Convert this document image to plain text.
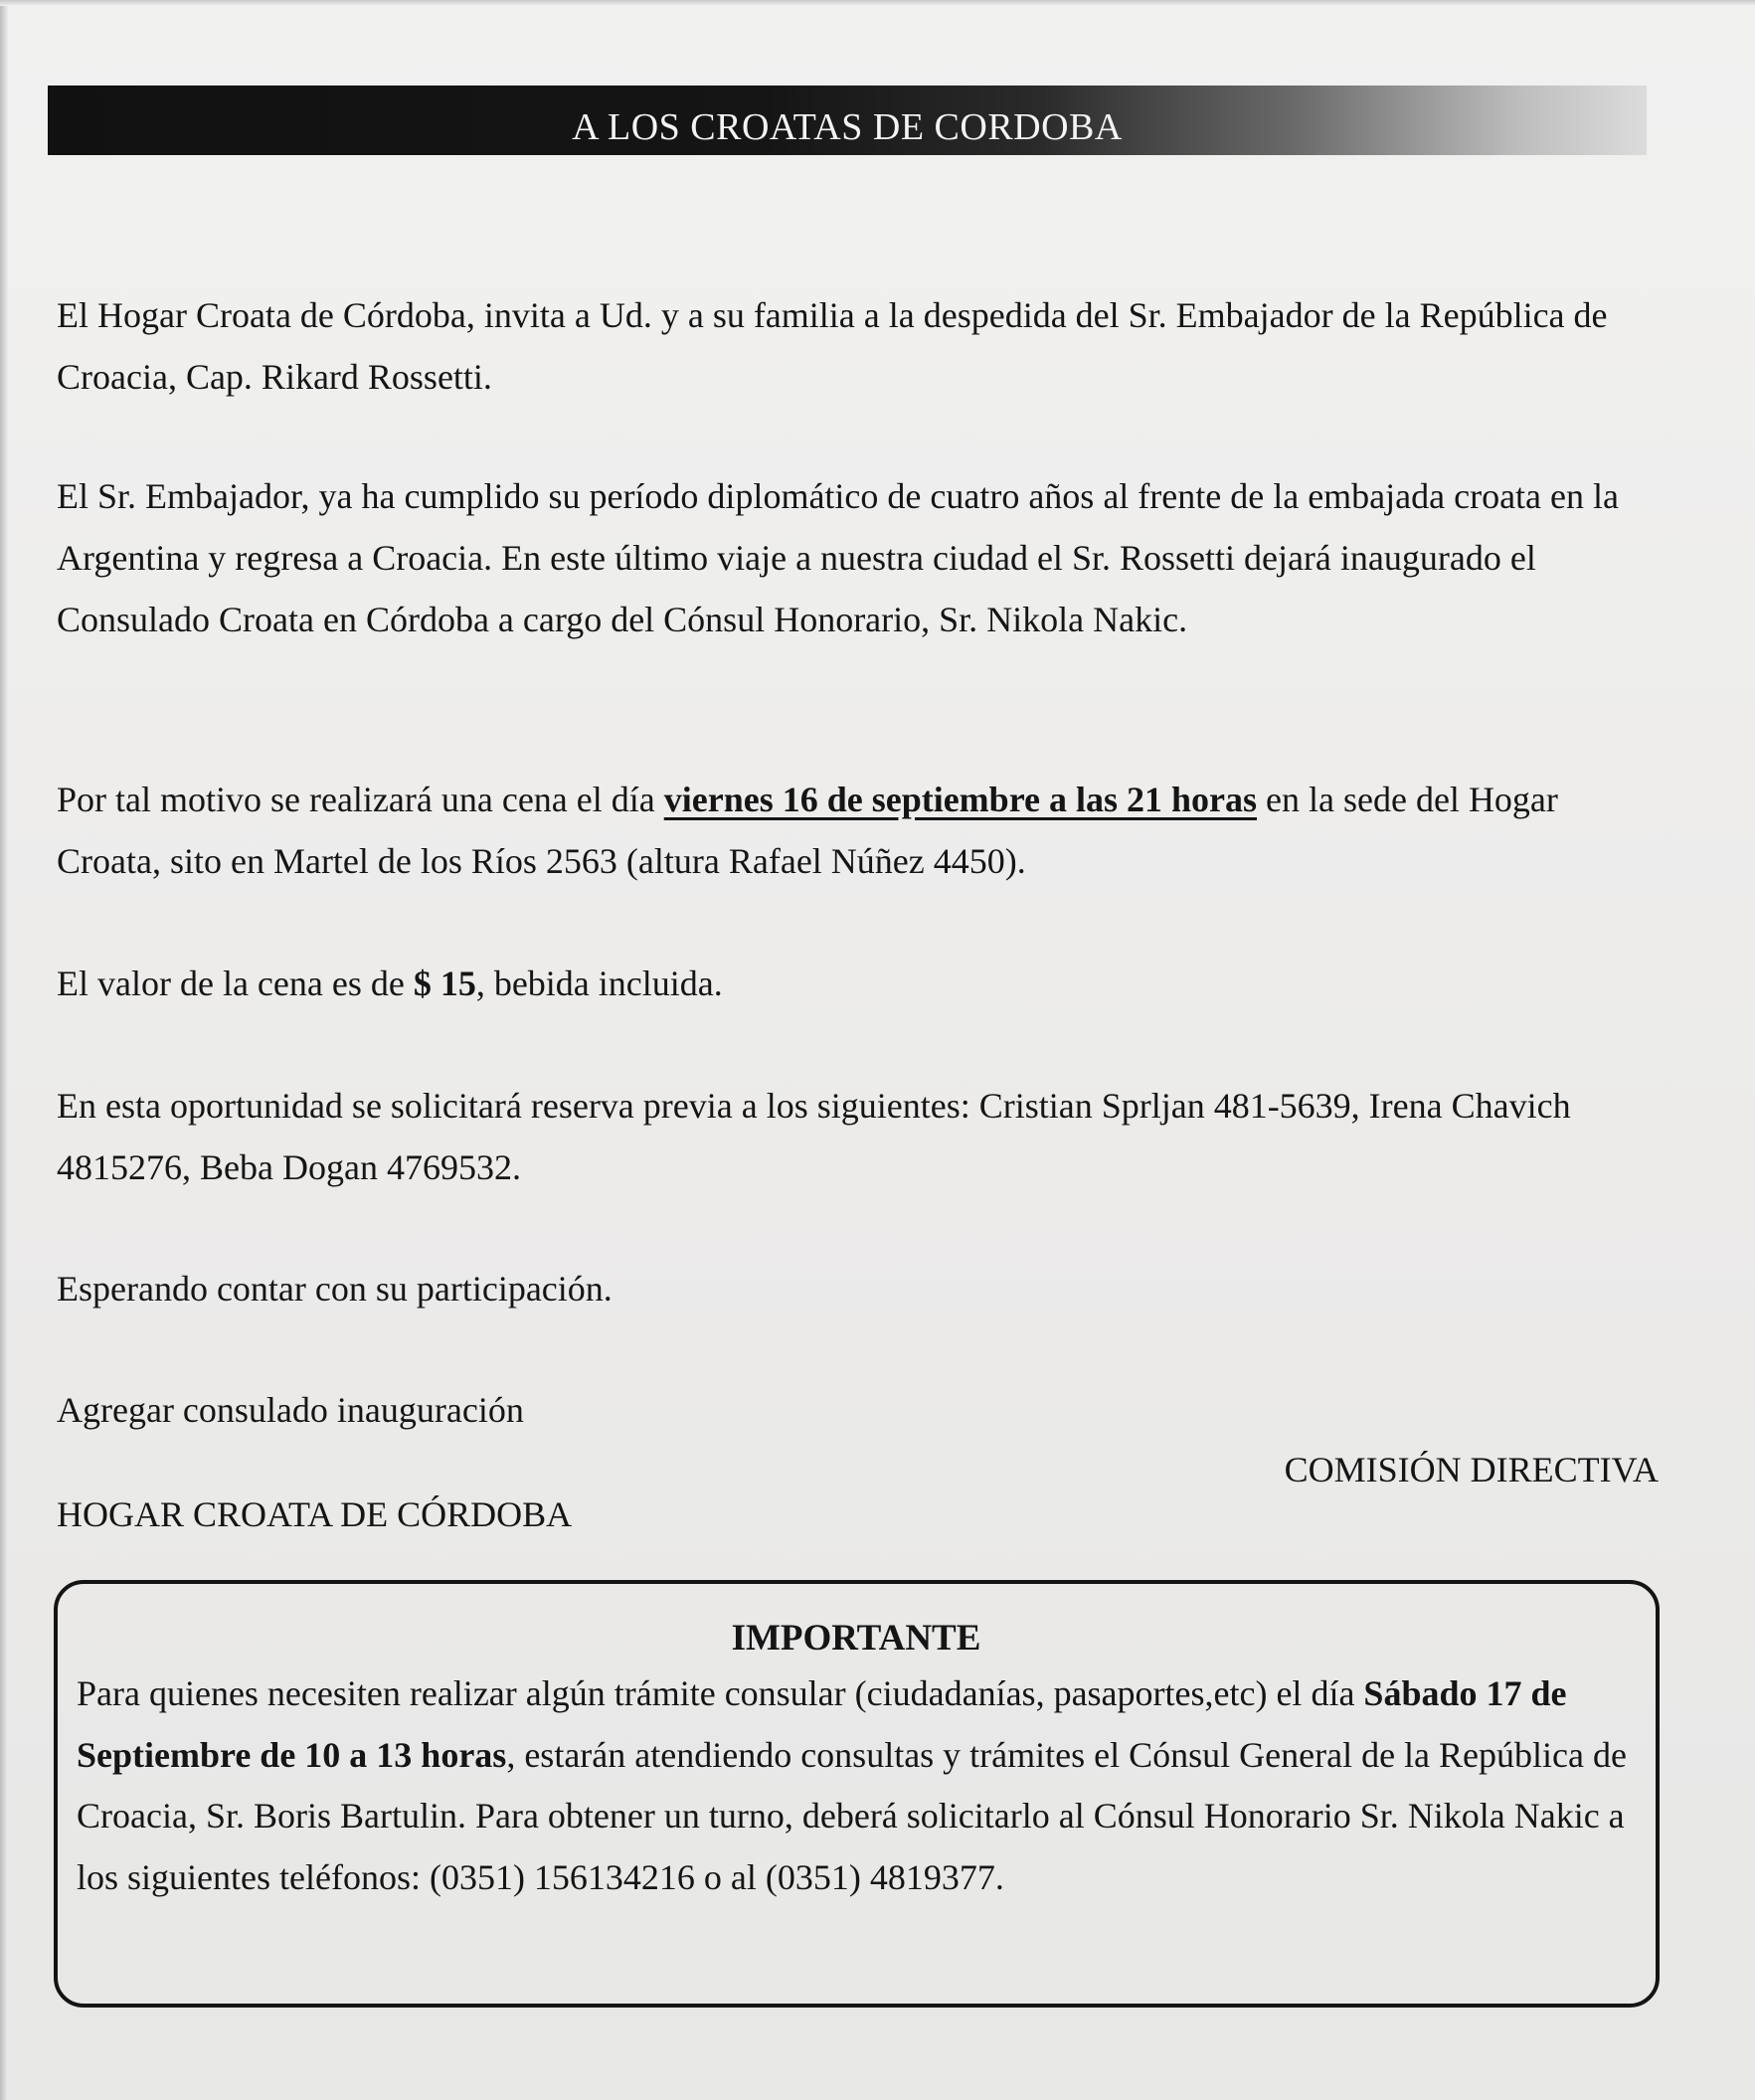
A LOS CROATAS DE CORDOBA

El Hogar Croata de Córdoba, invita a Ud. y a su familia a la despedida del Sr. Embajador de la República de Croacia, Cap. Rikard Rossetti.

El Sr. Embajador, ya ha cumplido su período diplomático de cuatro años al frente de la embajada croata en la Argentina y regresa a Croacia. En este último viaje a nuestra ciudad el Sr. Rossetti dejará inaugurado el Consulado Croata en Córdoba a cargo del Cónsul Honorario, Sr. Nikola Nakic.

Por tal motivo se realizará una cena el día viernes 16 de septiembre a las 21 horas en la sede del Hogar Croata, sito en Martel de los Ríos 2563 (altura Rafael Núñez 4450).

El valor de la cena es de $ 15, bebida incluida.

En esta oportunidad se solicitará reserva previa a los siguientes: Cristian Sprljan 481-5639, Irena Chavich 4815276, Beba Dogan 4769532.

Esperando contar con su participación.

Agregar consulado inauguración

COMISIÓN DIRECTIVA
HOGAR CROATA DE CÓRDOBA

IMPORTANTE

Para quienes necesiten realizar algún trámite consular (ciudadanías, pasaportes,etc) el día Sábado 17 de Septiembre de 10 a 13 horas, estarán atendiendo consultas y trámites el Cónsul General de la República de Croacia, Sr. Boris Bartulin. Para obtener un turno, deberá solicitarlo al Cónsul Honorario Sr. Nikola Nakic a los siguientes teléfonos: (0351) 156134216 o al (0351) 4819377.
